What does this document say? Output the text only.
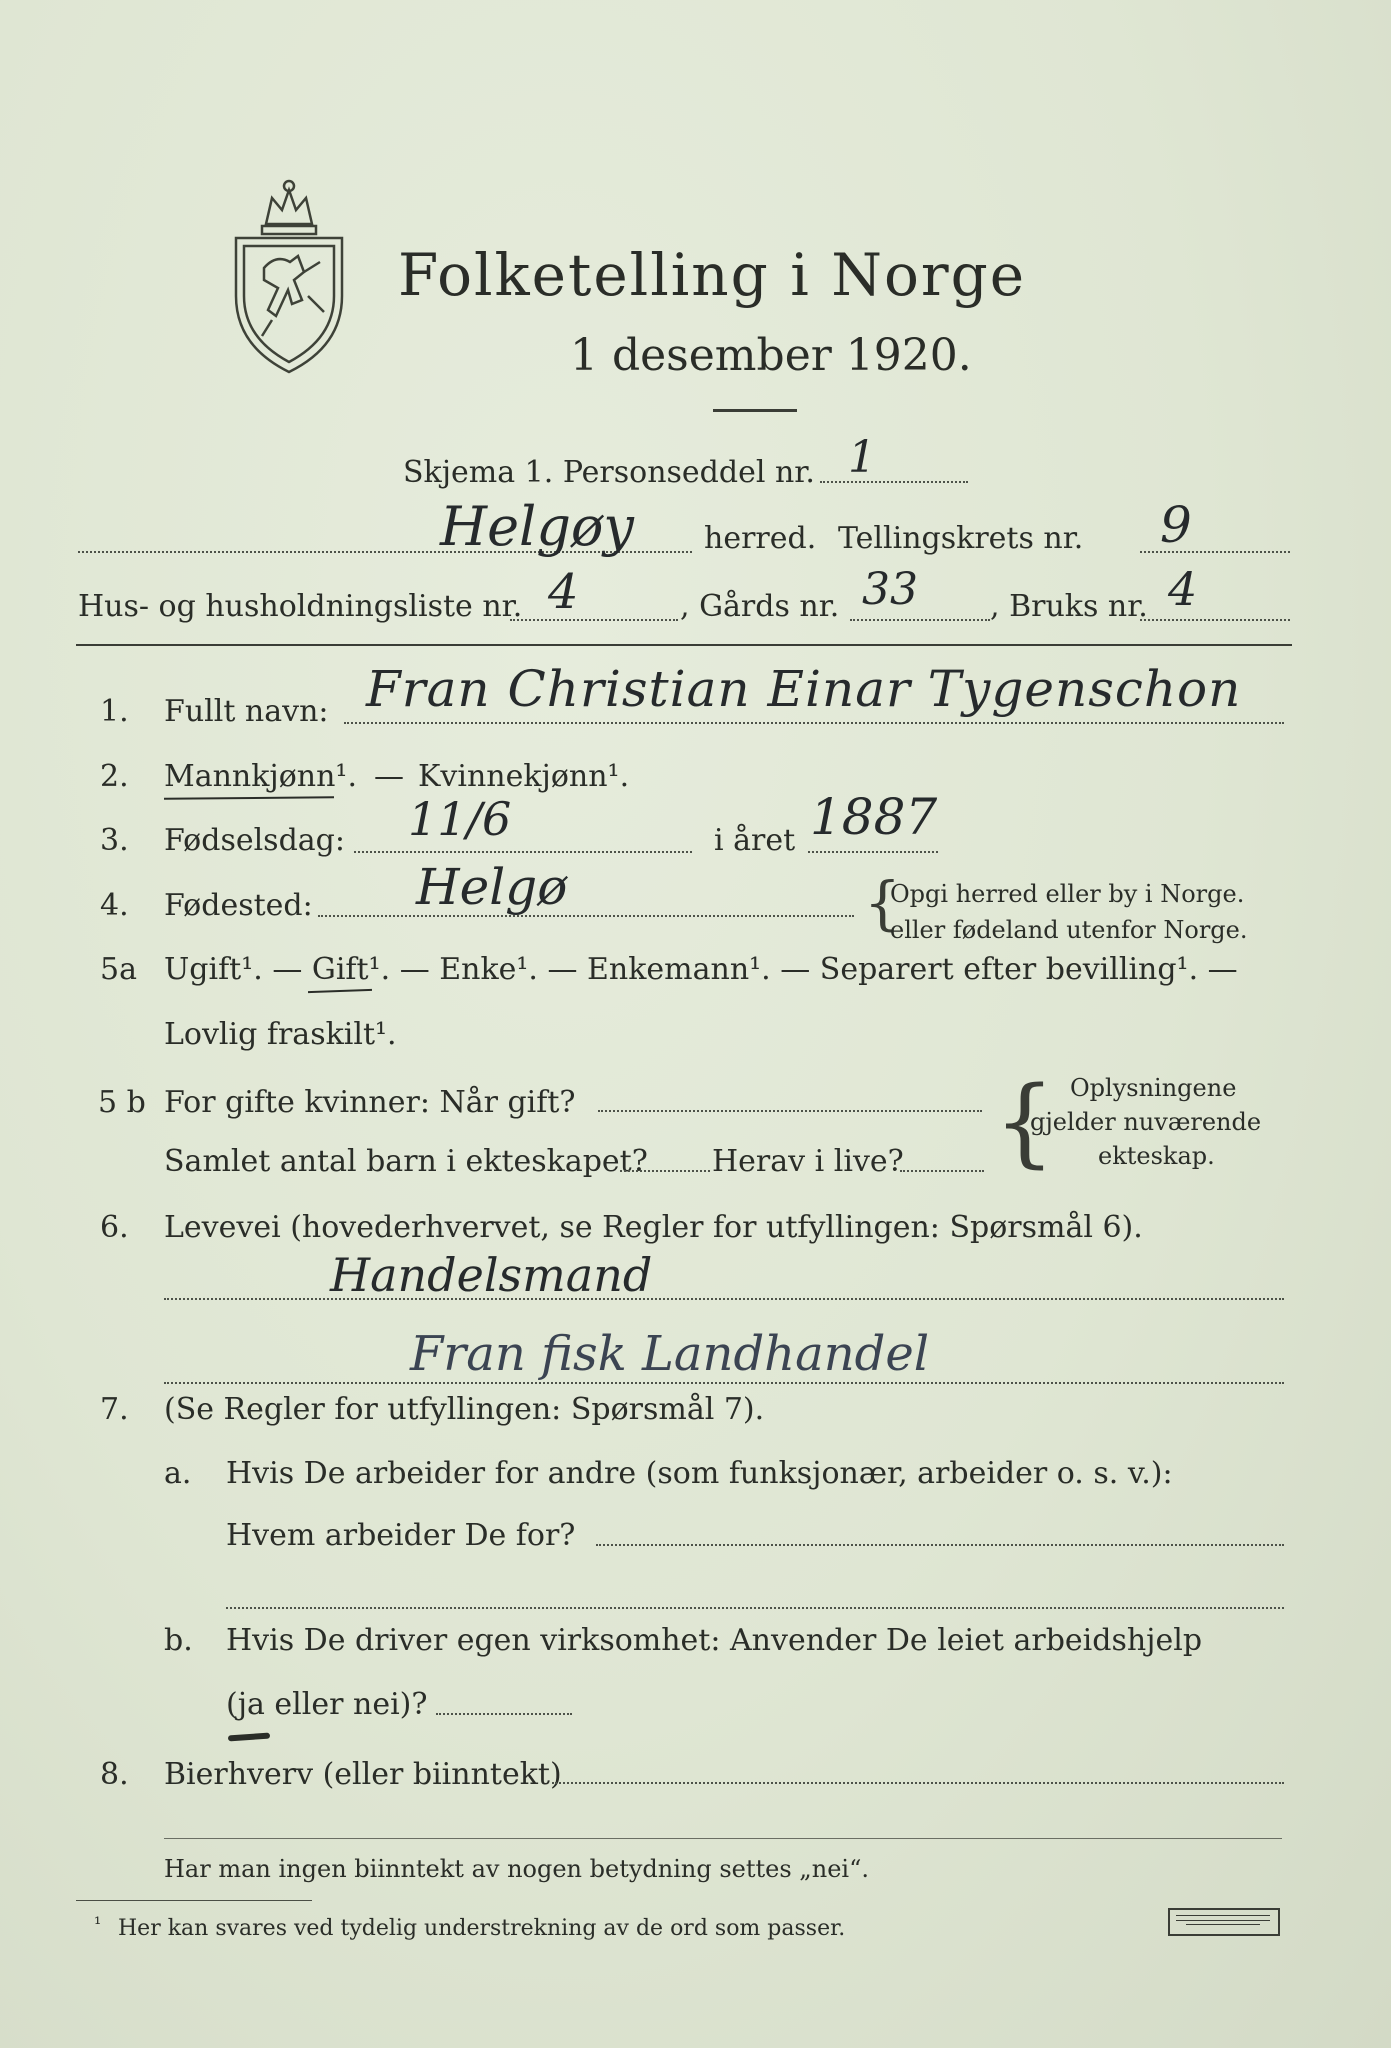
Folketelling i Norge
1 desember 1920.
Skjema 1. Personseddel nr. 1
Helgøy herred. Tellingskrets nr. 9
Hus- og husholdningsliste nr. 4	, Gårds nr. 33 , Bruks nr. 4
1. Fullt navn: Fran Christian Einar Tygenschon
2. Mannkjønn¹. — Kvinnekjønn¹.
3. Fødselsdag: 11/6	i året 1887
4. Fødested: Helgø	{
Opgi herred eller by i Norge.
eller fødeland utenfor Norge.
5a Ugift¹. — Gift¹. — Enke¹. — Enkemann¹. — Separert efter bevilling¹. —
Lovlig fraskilt¹.
5 b For gifte kvinner: Når gift?
Samlet antal barn i ekteskapet? Herav i live? { Oplysningene
gjelder nuværende
ekteskap.
6. Levevei (hovederhvervet, se Regler for utfyllingen: Spørsmål 6).
Handelsmand
Fran fisk Landhandel
7. (Se Regler for utfyllingen: Spørsmål 7).
a. Hvis De arbeider for andre (som funksjonær, arbeider o. s. v.):
Hvem arbeider De for?
b. Hvis De driver egen virksomhet: Anvender De leiet arbeidshjelp
(ja eller nei)?
8. Bierhverv (eller biinntekt)
Har man ingen biinntekt av nogen betydning settes „nei“.
¹ Her kan svares ved tydelig understrekning av de ord som passer.
